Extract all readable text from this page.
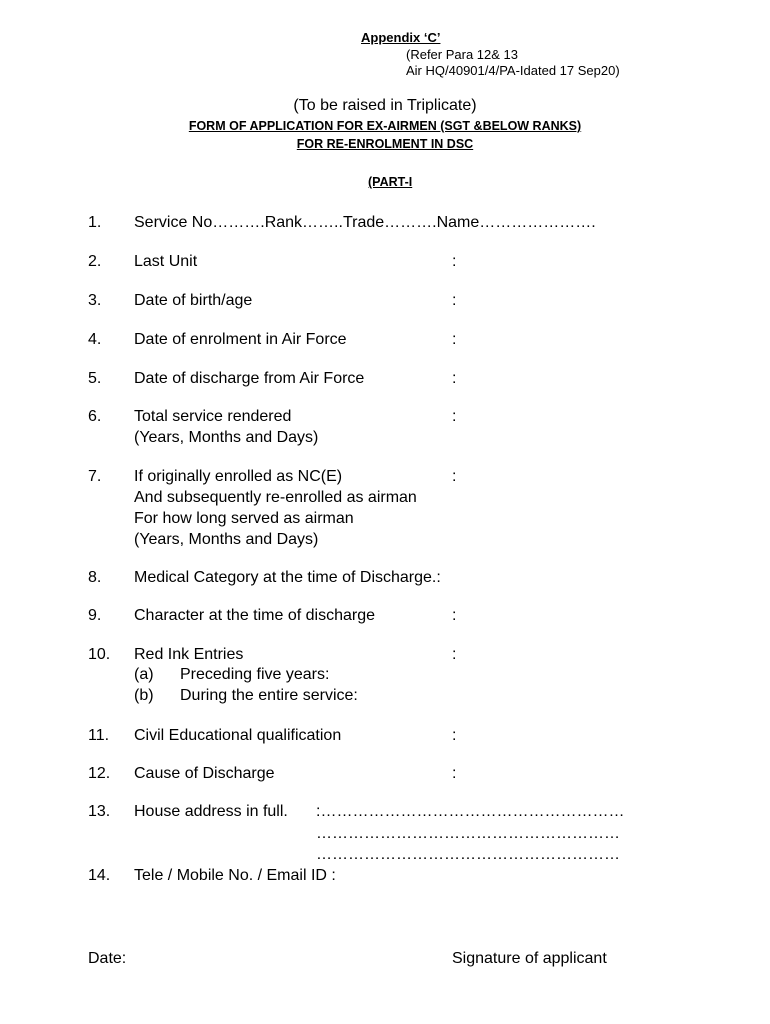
Appendix ‘C’
(Refer Para 12& 13
Air HQ/40901/4/PA-Idated 17 Sep20)
(To be raised in Triplicate)
FORM OF APPLICATION FOR EX-AIRMEN (SGT &BELOW RANKS)
FOR RE-ENROLMENT IN DSC
(PART-I
1. Service No……….Rank……..Trade……….Name………………….
2. Last Unit	:
3. Date of birth/age	:
4. Date of enrolment in Air Force	:
5. Date of discharge from Air Force	:
6. Total service rendered
(Years, Months and Days)
:
7. If originally enrolled as NC(E)
And subsequently re-enrolled as airman
For how long served as airman
(Years, Months and Days)
:
8. Medical Category at the time of Discharge.:
9. Character at the time of discharge	:
10. Red Ink Entries	:
(a) Preceding five years:
(b) During the entire service:
11. Civil Educational qualification	:
12. Cause of Discharge	:
13. House address in full. :…………………………………………………
…………………………………………………
…………………………………………………
14. Tele / Mobile No. / Email ID :
Date:	Signature of applicant
